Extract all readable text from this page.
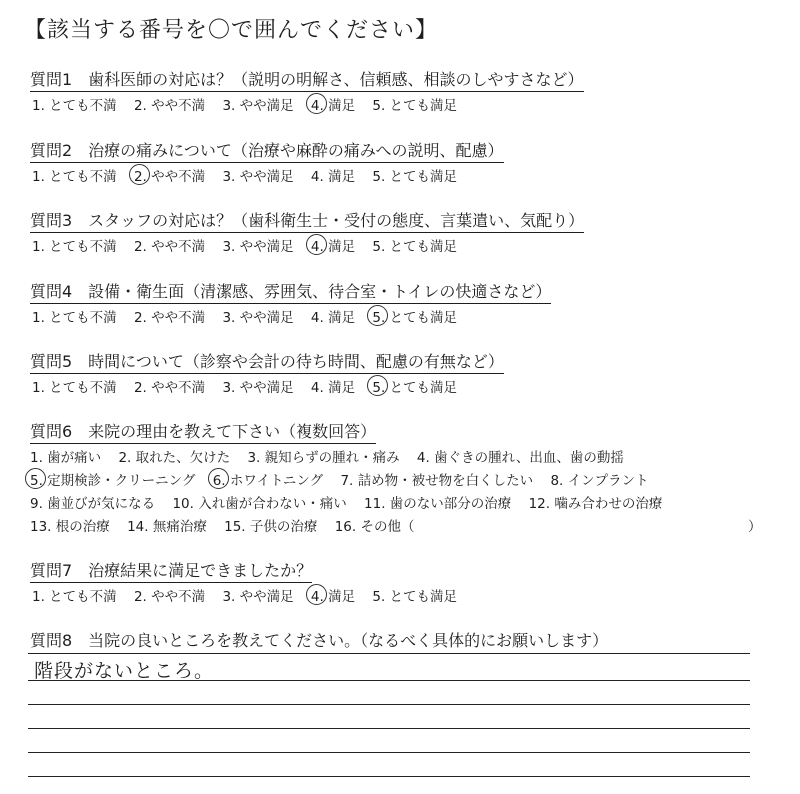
【該当する番号を〇で囲んでください】
質問1　歯科医師の対応は？（説明の明解さ、信頼感、相談のしやすさなど）
1. とても不満 2. やや不満 3. やや満足 4. 満足 5. とても満足
質問2　治療の痛みについて（治療や麻酔の痛みへの説明、配慮）
1. とても不満 2. やや不満 3. やや満足 4. 満足 5. とても満足
質問3　スタッフの対応は？（歯科衛生士・受付の態度、言葉遣い、気配り）
1. とても不満 2. やや不満 3. やや満足 4. 満足 5. とても満足
質問4　設備・衛生面（清潔感、雰囲気、待合室・トイレの快適さなど）
1. とても不満 2. やや不満 3. やや満足 4. 満足 5. とても満足
質問5　時間について（診察や会計の待ち時間、配慮の有無など）
1. とても不満 2. やや不満 3. やや満足 4. 満足 5. とても満足
質問6　来院の理由を教えて下さい（複数回答）
1. 歯が痛い 2. 取れた、欠けた 3. 親知らずの腫れ・痛み 4. 歯ぐきの腫れ、出血、歯の動揺
5. 定期検診・クリーニング 6. ホワイトニング 7. 詰め物・被せ物を白くしたい 8. インプラント
9. 歯並びが気になる 10. 入れ歯が合わない・痛い 11. 歯のない部分の治療 12. 噛み合わせの治療
13. 根の治療 14. 無痛治療 15. 子供の治療 16. その他（	）
質問7　治療結果に満足できましたか？
1. とても不満 2. やや不満 3. やや満足 4. 満足 5. とても満足
質問8　当院の良いところを教えてください。（なるべく具体的にお願いします）
階段がないところ。
